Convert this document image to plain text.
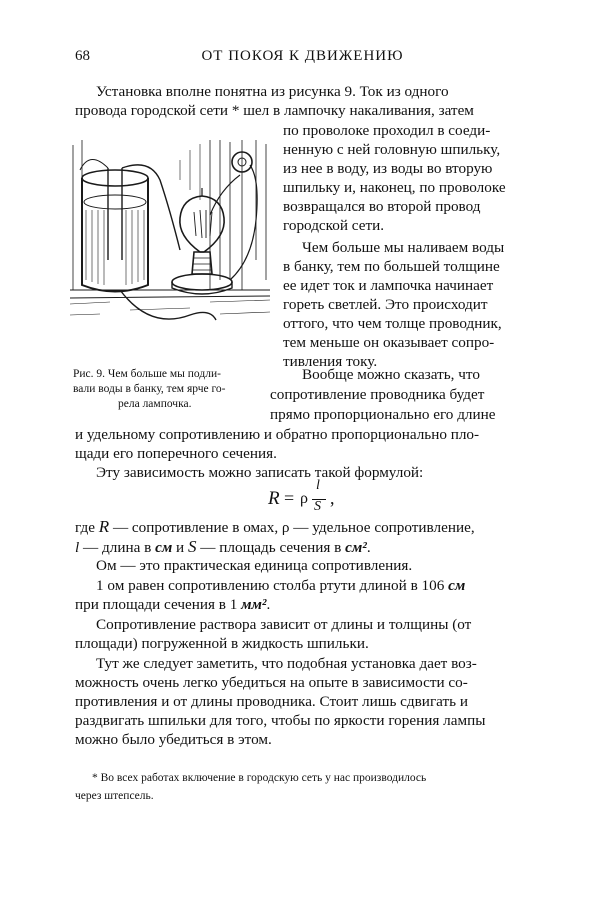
68	ОТ ПОКОЯ К ДВИЖЕНИЮ
Установка вполне понятна из рисунка 9. Ток из одного
провода городской сети * шел в лампочку накаливания, затем
по проволоке проходил в соеди-
ненную с ней головную шпильку,
из нее в воду, из воды во вторую
шпильку и, наконец, по проволоке
возвращался во второй провод
городской сети.
Чем больше мы наливаем воды
в банку, тем по большей толщине
ее идет ток и лампочка начинает
гореть светлей. Это происходит
оттого, что чем толще проводник,
тем меньше он оказывает сопро-
тивления току.
Рис. 9. Чем больше мы подли-
вали воды в банку, тем ярче го-
рела лампочка.
Вообще можно сказать, что
сопротивление проводника будет
прямо пропорционально его длине
и удельному сопротивлению и обратно пропорционально пло-
щади его поперечного сечения.
Эту зависимость можно записать такой формулой:
R = ρ
l
S ,
где R — сопротивление в омах, ρ — удельное сопротивление,
l — длина в см и S — площадь сечения в см².
Ом — это практическая единица сопротивления.
1 ом равен сопротивлению столба ртути длиной в 106 см
при площади сечения в 1 мм².
Сопротивление раствора зависит от длины и толщины (от
площади) погруженной в жидкость шпильки.
Тут же следует заметить, что подобная установка дает воз-
можность очень легко убедиться на опыте в зависимости со-
противления и от длины проводника. Стоит лишь сдвигать и
раздвигать шпильки для того, чтобы по яркости горения лампы
можно было убедиться в этом.
* Во всех работах включение в городскую сеть у нас производилось
через штепсель.
